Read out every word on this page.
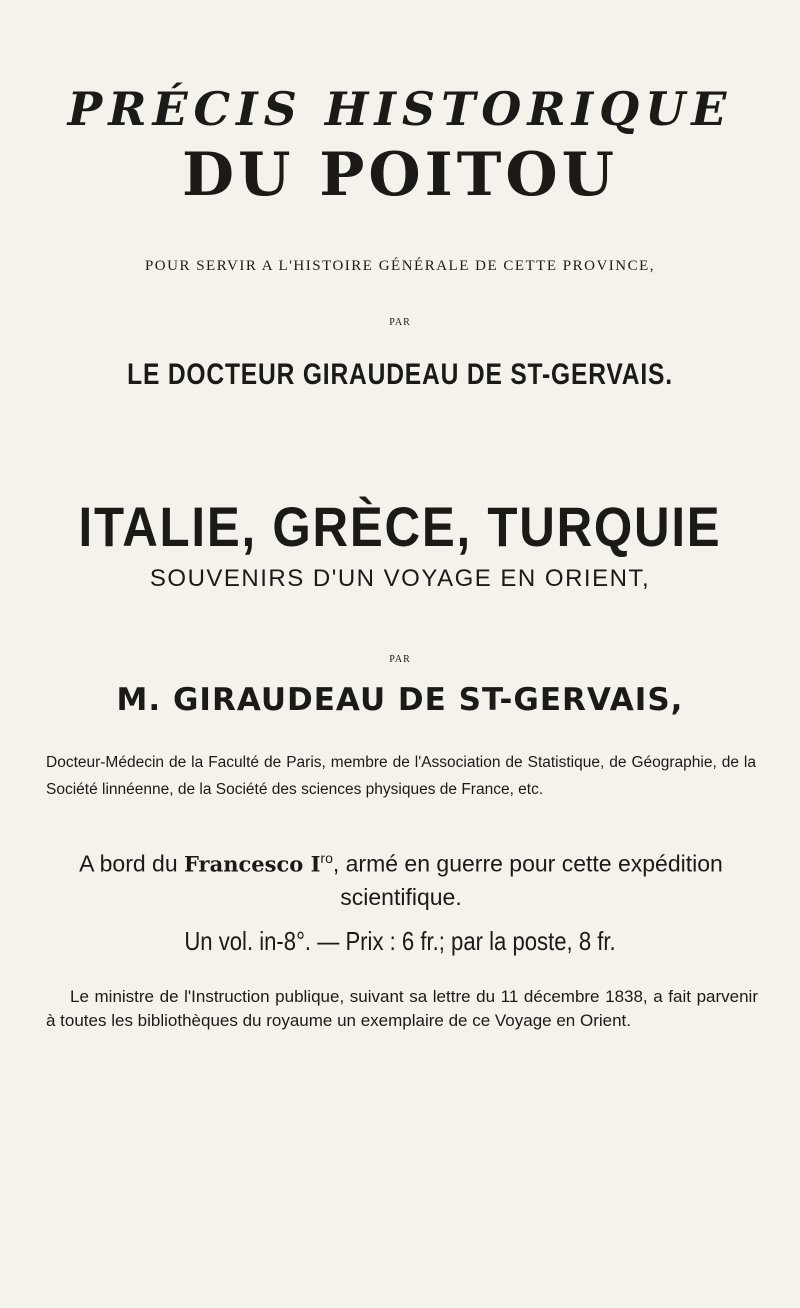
PRÉCIS HISTORIQUE
DU POITOU
POUR SERVIR A L'HISTOIRE GÉNÉRALE DE CETTE PROVINCE,
PAR
LE DOCTEUR GIRAUDEAU DE ST-GERVAIS.
ITALIE, GRÈCE, TURQUIE
SOUVENIRS D'UN VOYAGE EN ORIENT,
PAR
M. GIRAUDEAU DE ST-GERVAIS,
Docteur-Médecin de la Faculté de Paris, membre de l'Association de Statistique, de Géographie, de la Société linnéenne, de la Société des sciences physiques de France, etc.
A bord du Francesco $I^{ro}$, armé en guerre pour cette expédition scientifique.
Un vol. in-8°. — Prix : 6 fr.; par la poste, 8 fr.

Le ministre de l'Instruction publique, suivant sa lettre du 11 décembre 1838, a fait parvenir à toutes les bibliothèques du royaume un exemplaire de ce Voyage en Orient.
